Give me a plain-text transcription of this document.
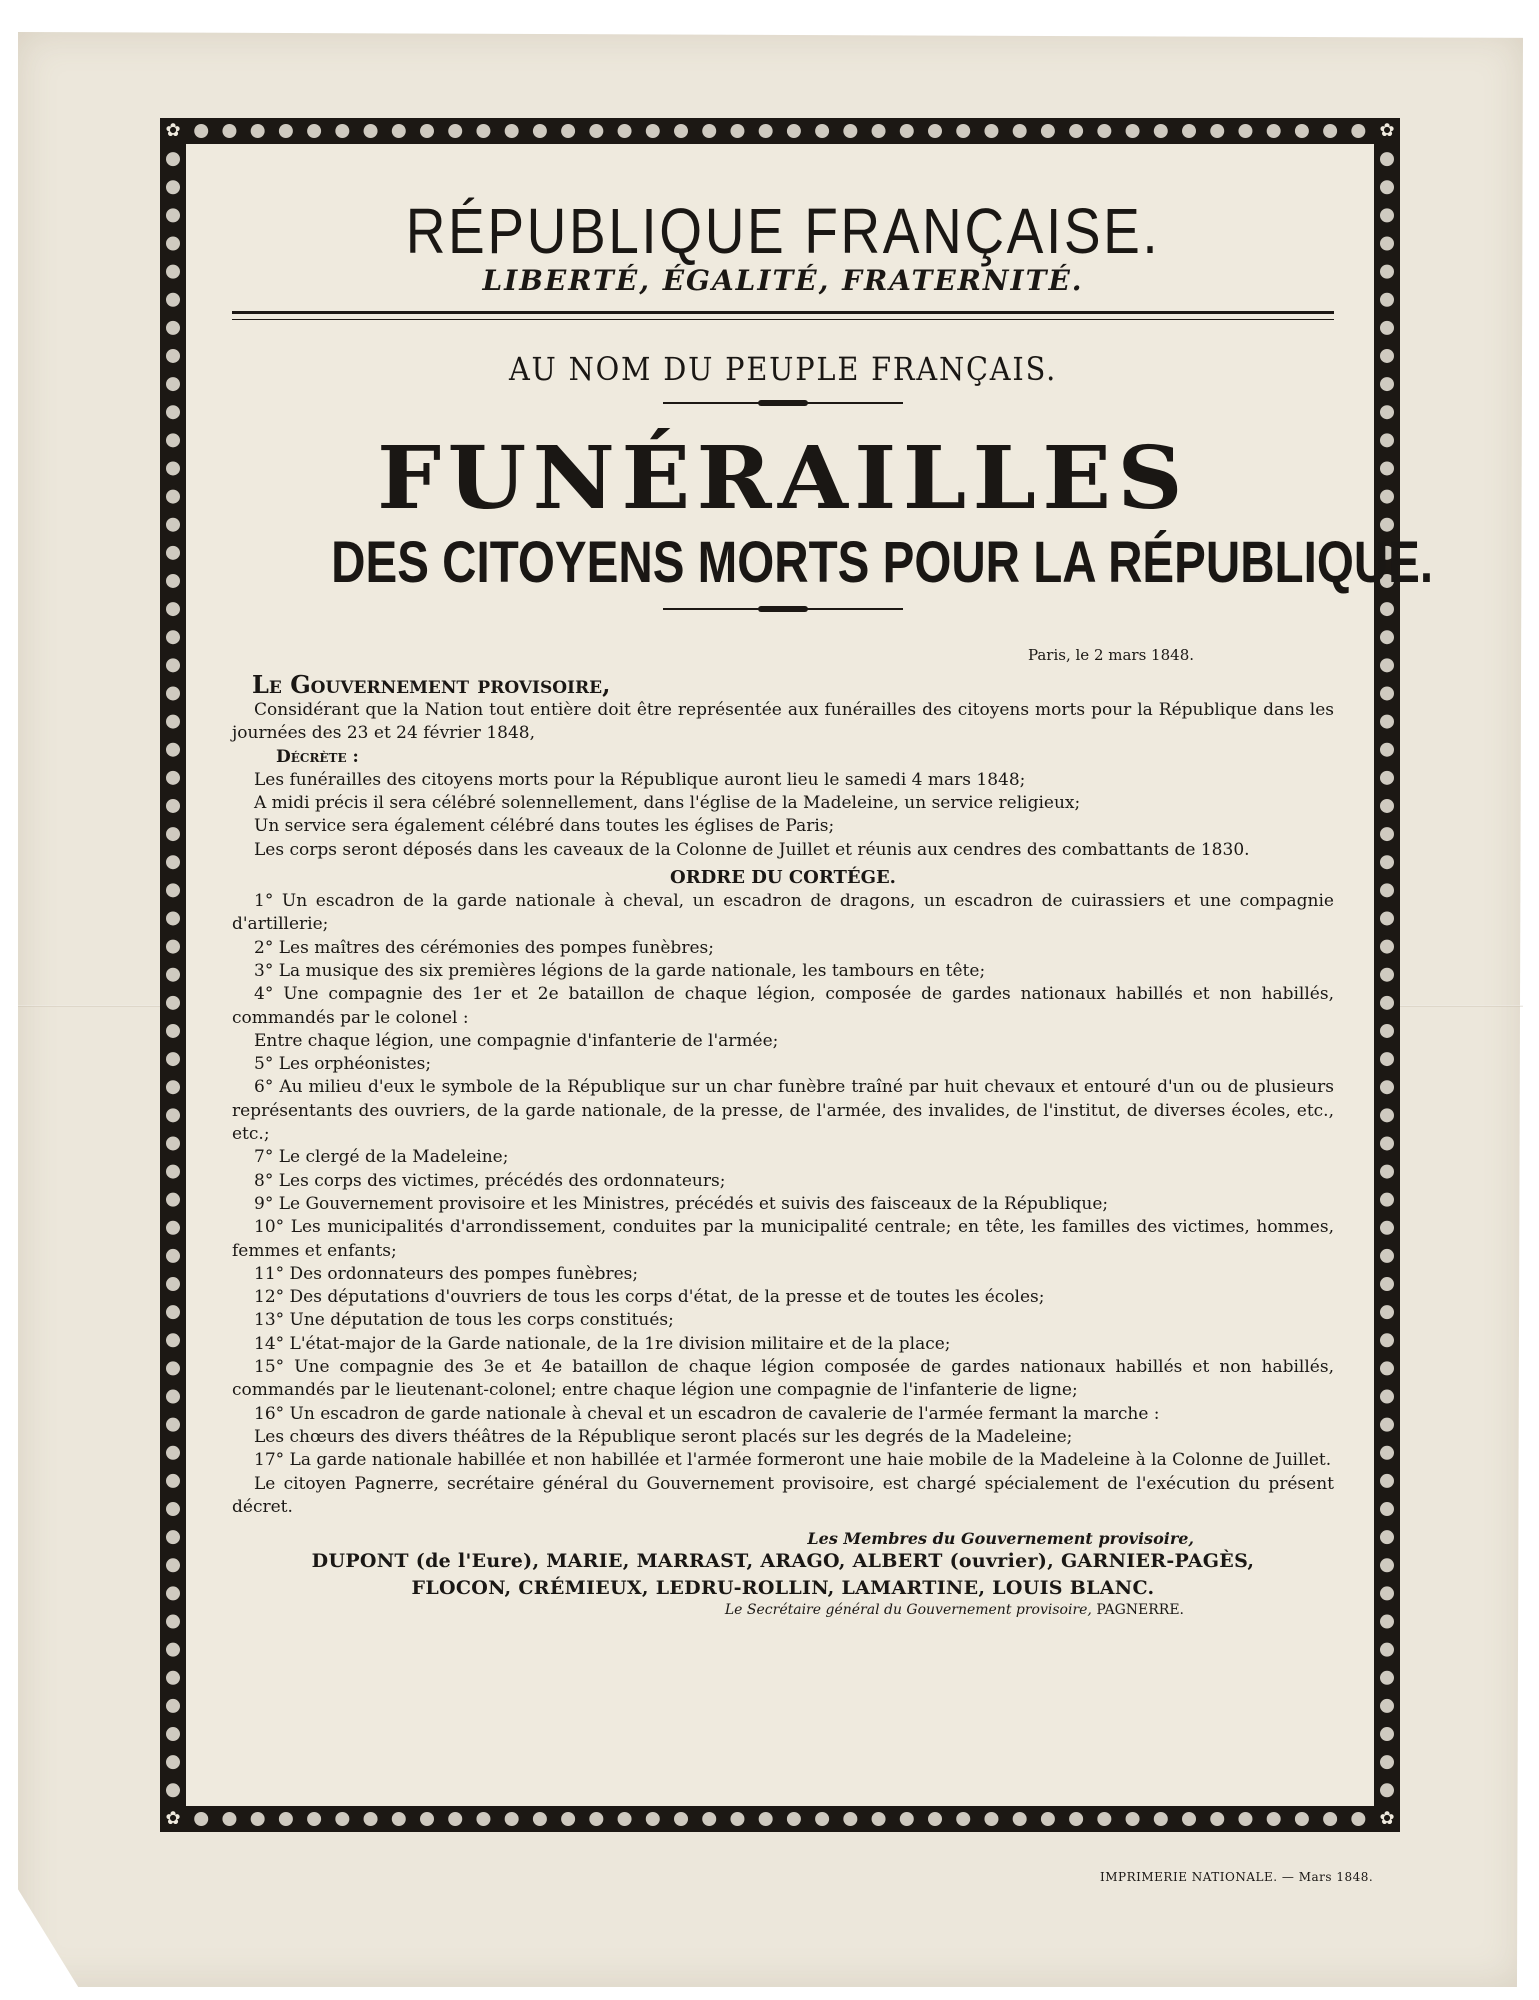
✿	✿
✿	✿
RÉPUBLIQUE FRANÇAISE.
LIBERTÉ, ÉGALITÉ, FRATERNITÉ.
AU NOM DU PEUPLE FRANÇAIS.
FUNÉRAILLES
DES CITOYENS MORTS POUR LA RÉPUBLIQUE.
Paris, le 2 mars 1848.
Le Gouvernement provisoire,
Considérant que la Nation tout entière doit être représentée aux funérailles des citoyens morts pour la République dans les journées des 23 et 24 février 1848,
Décrète :
Les funérailles des citoyens morts pour la République auront lieu le samedi 4 mars 1848;
A midi précis il sera célébré solennellement, dans l'église de la Madeleine, un service religieux;
Un service sera également célébré dans toutes les églises de Paris;
Les corps seront déposés dans les caveaux de la Colonne de Juillet et réunis aux cendres des combattants de 1830.
ORDRE DU CORTÉGE.
1° Un escadron de la garde nationale à cheval, un escadron de dragons, un escadron de cuirassiers et une compagnie d'artillerie;
2° Les maîtres des cérémonies des pompes funèbres;
3° La musique des six premières légions de la garde nationale, les tambours en tête;
4° Une compagnie des 1er et 2e bataillon de chaque légion, composée de gardes nationaux habillés et non habillés, commandés par le colonel :
Entre chaque légion, une compagnie d'infanterie de l'armée;
5° Les orphéonistes;
6° Au milieu d'eux le symbole de la République sur un char funèbre traîné par huit chevaux et entouré d'un ou de plusieurs représentants des ouvriers, de la garde nationale, de la presse, de l'armée, des invalides, de l'institut, de diverses écoles, etc., etc.;
7° Le clergé de la Madeleine;
8° Les corps des victimes, précédés des ordonnateurs;
9° Le Gouvernement provisoire et les Ministres, précédés et suivis des faisceaux de la République;
10° Les municipalités d'arrondissement, conduites par la municipalité centrale; en tête, les familles des victimes, hommes, femmes et enfants;
11° Des ordonnateurs des pompes funèbres;
12° Des députations d'ouvriers de tous les corps d'état, de la presse et de toutes les écoles;
13° Une députation de tous les corps constitués;
14° L'état-major de la Garde nationale, de la 1re division militaire et de la place;
15° Une compagnie des 3e et 4e bataillon de chaque légion composée de gardes nationaux habillés et non habillés, commandés par le lieutenant-colonel; entre chaque légion une compagnie de l'infanterie de ligne;
16° Un escadron de garde nationale à cheval et un escadron de cavalerie de l'armée fermant la marche :
Les chœurs des divers théâtres de la République seront placés sur les degrés de la Madeleine;
17° La garde nationale habillée et non habillée et l'armée formeront une haie mobile de la Madeleine à la Colonne de Juillet.
Le citoyen Pagnerre, secrétaire général du Gouvernement provisoire, est chargé spécialement de l'exécution du présent décret.
Les Membres du Gouvernement provisoire,
DUPONT (de l'Eure), MARIE, MARRAST, ARAGO, ALBERT (ouvrier), GARNIER-PAGÈS,
FLOCON, CRÉMIEUX, LEDRU-ROLLIN, LAMARTINE, LOUIS BLANC.
Le Secrétaire général du Gouvernement provisoire, PAGNERRE.
IMPRIMERIE NATIONALE. — Mars 1848.
